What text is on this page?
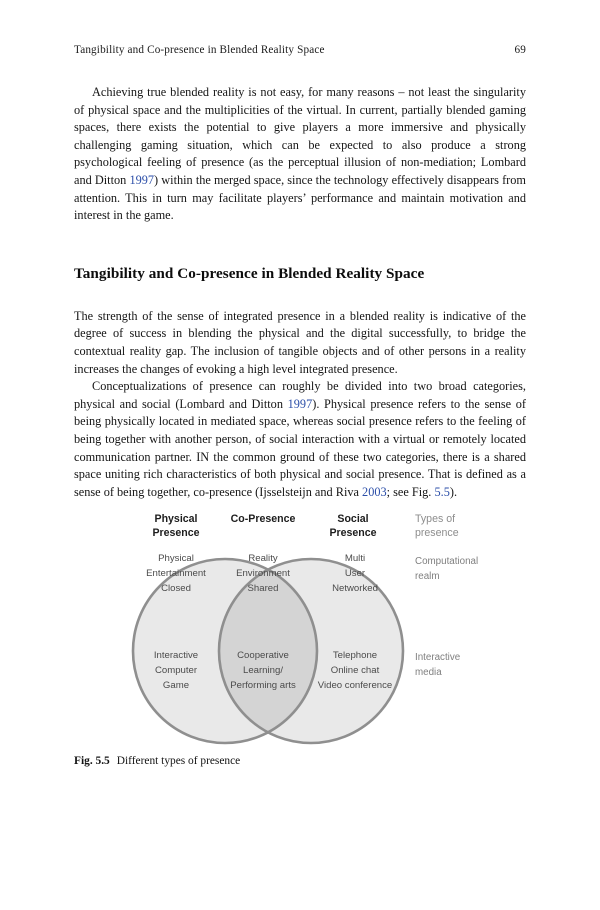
Tangibility and Co-presence in Blended Reality Space	69

Achieving true blended reality is not easy, for many reasons – not least the singularity of physical space and the multiplicities of the virtual. In current, partially blended gaming spaces, there exists the potential to give players a more immersive and physically challenging gaming situation, which can be expected to also produce a strong psychological feeling of presence (as the perceptual illusion of non-mediation; Lombard and Ditton 1997) within the merged space, since the technology effectively disappears from attention. This in turn may facilitate players’ performance and maintain motivation and interest in the game.

Tangibility and Co-presence in Blended Reality Space

The strength of the sense of integrated presence in a blended reality is indicative of the degree of success in blending the physical and the digital successfully, to bridge the contextual reality gap. The inclusion of tangible objects and of other persons in a reality increases the changes of evoking a high level integrated presence.

Conceptualizations of presence can roughly be divided into two broad categories, physical and social (Lombard and Ditton 1997). Physical presence refers to the sense of being physically located in mediated space, whereas social presence refers to the feeling of being together with another person, of social interaction with a virtual or remotely located communication partner. IN the common ground of these two categories, there is a shared space uniting rich characteristics of both physical and social presence. That is defined as a sense of being together, co-presence (Ijsselsteijn and Riva 2003; see Fig. 5.5).

Physical
Presence
Co-Presence	Social
Presence
Types of
presence
Physical
Entertainment
Closed
Reality
Environment
Shared
Multi
User
Networked
Interactive
Computer
Game
Cooperative
Learning/
Performing arts
Telephone
Online chat
Video conference
Computational
realm
Interactive
media
Fig. 5.5 Different types of presence
